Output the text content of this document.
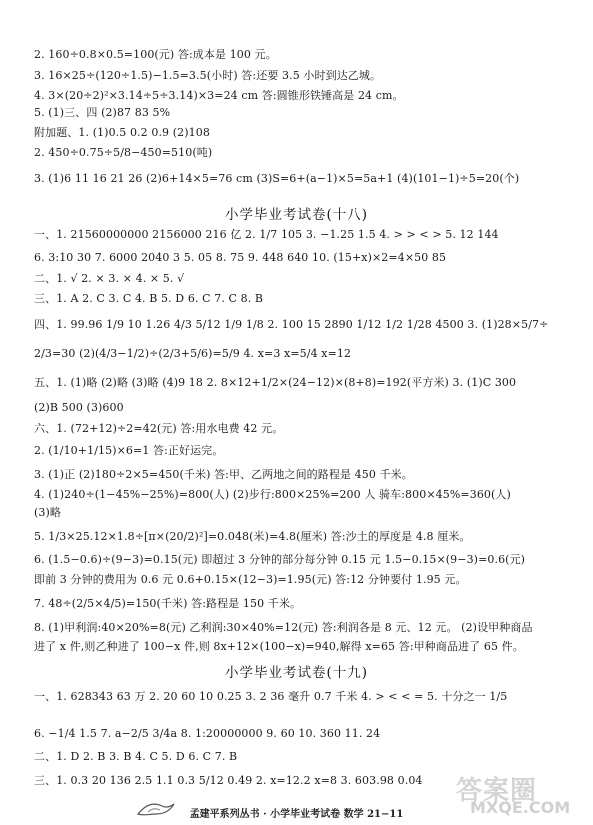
2. 160÷0.8×0.5=100(元) 答:成本是 100 元。
3. 16×25÷(120÷1.5)−1.5=3.5(小时) 答:还要 3.5 小时到达乙城。
4. 3×(20÷2)²×3.14÷5÷3.14)×3=24 cm 答:圆锥形铁锤高是 24 cm。
5. (1)三、四 (2)87 83 5%
附加题、1. (1)0.5 0.2 0.9 (2)108
2. 450÷0.75÷5/8−450=510(吨)
3. (1)6 11 16 21 26 (2)6+14×5=76 cm (3)S=6+(a−1)×5=5a+1 (4)(101−1)÷5=20(个)
小学毕业考试卷(十八)
一、1. 21560000000 2156000 216 亿 2. 1/7 105 3. −1.25 1.5 4. > > < > 5. 12 144
6. 3:10 30 7. 6000 2040 3 5. 05 8. 75 9. 448 640 10. (15+x)×2=4×50 85
二、1. √ 2. × 3. × 4. × 5. √
三、1. A 2. C 3. C 4. B 5. D 6. C 7. C 8. B
四、1. 99.96 1/9 10 1.26 4/3 5/12 1/9 1/8 2. 100 15 2890 1/12 1/2 1/28 4500 3. (1)28×5/7÷
2/3=30 (2)(4/3−1/2)÷(2/3+5/6)=5/9 4. x=3 x=5/4 x=12
五、1. (1)略 (2)略 (3)略 (4)9 18 2. 8×12+1/2×(24−12)×(8+8)=192(平方米) 3. (1)C 300
(2)B 500 (3)600
六、1. (72+12)÷2=42(元) 答:用水电费 42 元。
2. (1/10+1/15)×6=1 答:正好运完。
3. (1)正 (2)180÷2×5=450(千米) 答:甲、乙两地之间的路程是 450 千米。
4. (1)240÷(1−45%−25%)=800(人) (2)步行:800×25%=200 人 骑车:800×45%=360(人)
(3)略
5. 1/3×25.12×1.8÷[π×(20/2)²]=0.048(米)=4.8(厘米) 答:沙土的厚度是 4.8 厘米。
6. (1.5−0.6)÷(9−3)=0.15(元) 即超过 3 分钟的部分每分钟 0.15 元 1.5−0.15×(9−3)=0.6(元)
即前 3 分钟的费用为 0.6 元 0.6+0.15×(12−3)=1.95(元) 答:12 分钟要付 1.95 元。
7. 48÷(2/5×4/5)=150(千米) 答:路程是 150 千米。
8. (1)甲利润:40×20%=8(元) 乙利润:30×40%=12(元) 答:利润各是 8 元、12 元。 (2)设甲种商品
进了 x 件,则乙种进了 100−x 件,则 8x+12×(100−x)=940,解得 x=65 答:甲种商品进了 65 件。
小学毕业考试卷(十九)
一、1. 628343 63 万 2. 20 60 10 0.25 3. 2 36 毫升 0.7 千米 4. > < < = 5. 十分之一 1/5
6. −1/4 1.5 7. a−2/5 3/4a 8. 1:20000000 9. 60 10. 360 11. 24
二、1. D 2. B 3. B 4. C 5. D 6. C 7. B
三、1. 0.3 20 136 2.5 1.1 0.3 5/12 0.49 2. x=12.2 x=8 3. 603.98 0.04
孟建平系列丛书 · 小学毕业考试卷 数学 21−11
答案圈
MXQE.COM
